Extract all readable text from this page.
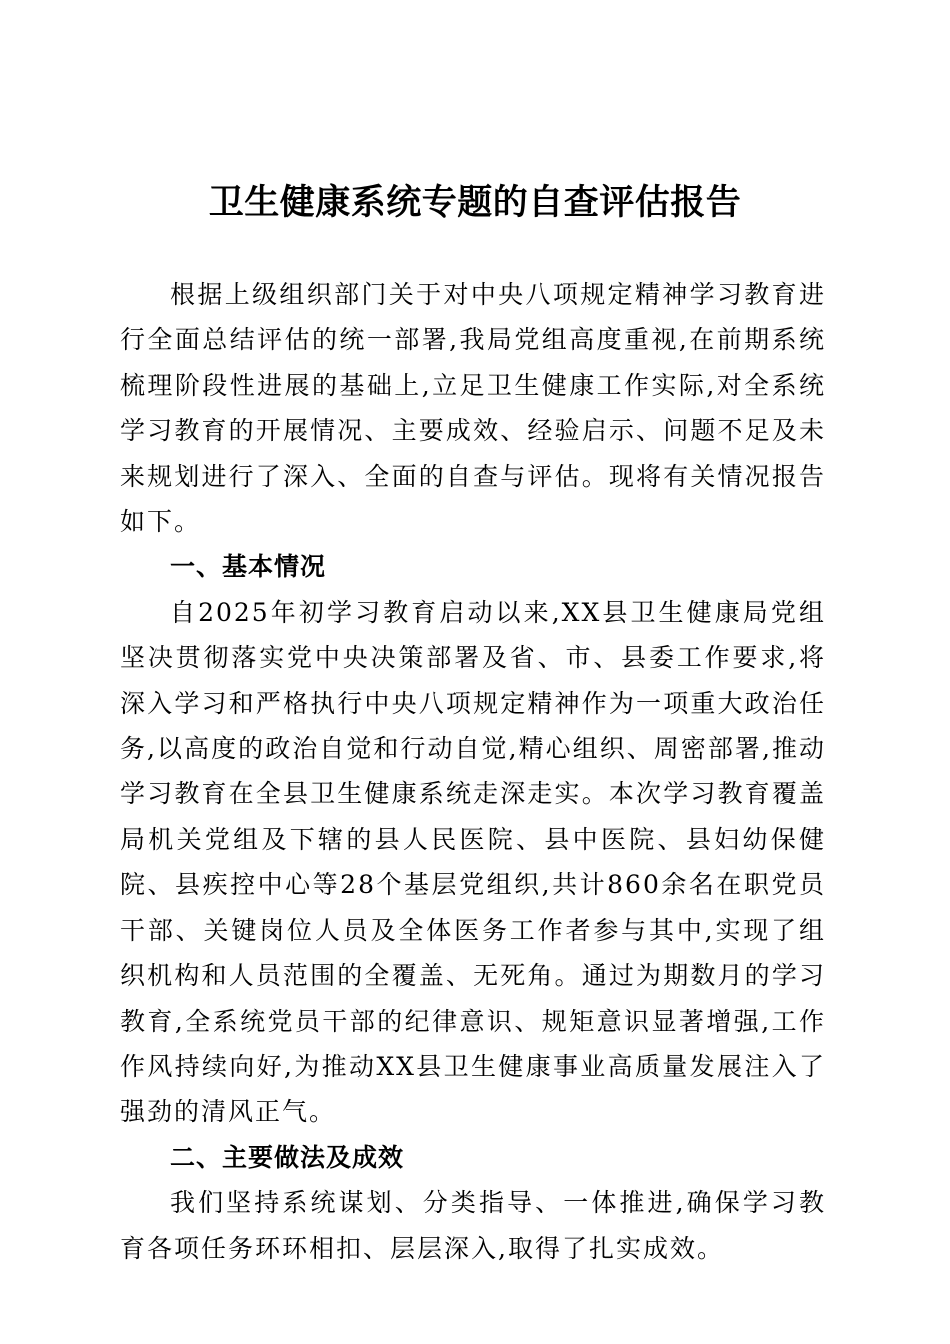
卫生健康系统专题的自查评估报告

根据上级组织部门关于对中央八项规定精神学习教育进行全面总结评估的统一部署,我局党组高度重视,在前期系统梳理阶段性进展的基础上,立足卫生健康工作实际,对全系统学习教育的开展情况、主要成效、经验启示、问题不足及未来规划进行了深入、全面的自查与评估。现将有关情况报告如下。

一、基本情况

自2025年初学习教育启动以来,XX县卫生健康局党组坚决贯彻落实党中央决策部署及省、市、县委工作要求,将深入学习和严格执行中央八项规定精神作为一项重大政治任务,以高度的政治自觉和行动自觉,精心组织、周密部署,推动学习教育在全县卫生健康系统走深走实。本次学习教育覆盖局机关党组及下辖的县人民医院、县中医院、县妇幼保健院、县疾控中心等28个基层党组织,共计860余名在职党员干部、关键岗位人员及全体医务工作者参与其中,实现了组织机构和人员范围的全覆盖、无死角。通过为期数月的学习教育,全系统党员干部的纪律意识、规矩意识显著增强,工作作风持续向好,为推动XX县卫生健康事业高质量发展注入了强劲的清风正气。

二、主要做法及成效

我们坚持系统谋划、分类指导、一体推进,确保学习教育各项任务环环相扣、层层深入,取得了扎实成效。
